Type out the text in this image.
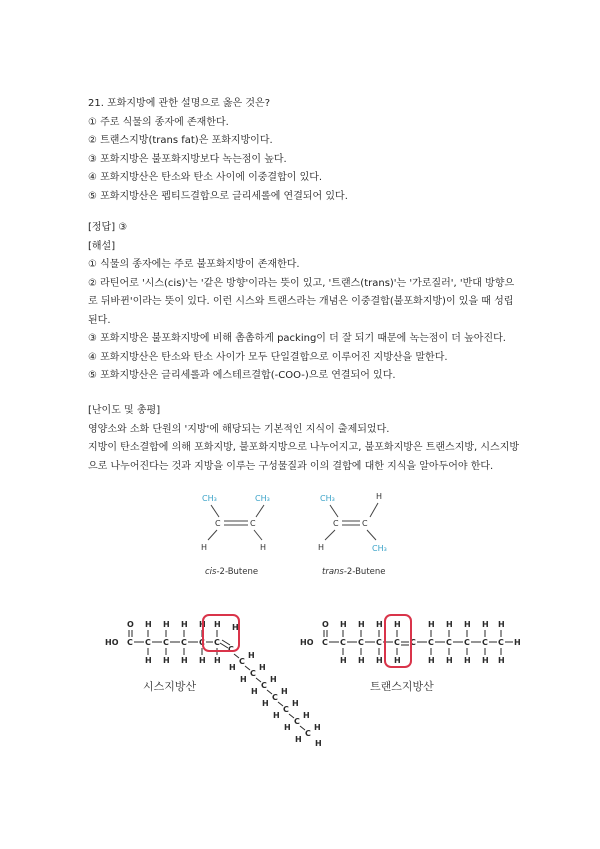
21. 포화지방에 관한 설명으로 옳은 것은?
① 주로 식물의 종자에 존재한다.
② 트랜스지방(trans fat)은 포화지방이다.
③ 포화지방은 불포화지방보다 녹는점이 높다.
④ 포화지방산은 탄소와 탄소 사이에 이중결합이 있다.
⑤ 포화지방산은 펩티드결합으로 글리세롤에 연결되어 있다.
[정답] ③
[해설]
① 식물의 종자에는 주로 불포화지방이 존재한다.
② 라틴어로 '시스(cis)'는 '같은 방향'이라는 뜻이 있고, '트랜스(trans)'는 '가로질러', '반대 방향으로 뒤바뀐'이라는 뜻이 있다. 이런 시스와 트랜스라는 개념은 이중결합(불포화지방)이 있을 때 성립된다.
③ 포화지방은 불포화지방에 비해 촘촘하게 packing이 더 잘 되기 때문에 녹는점이 더 높아진다.
④ 포화지방산은 탄소와 탄소 사이가 모두 단일결합으로 이루어진 지방산을 말한다.
⑤ 포화지방산은 글리세롤과 에스테르결합(-COO-)으로 연결되어 있다.
[난이도 및 총평]
영양소와 소화 단원의 '지방'에 해당되는 기본적인 지식이 출제되었다.
지방이 탄소결합에 의해 포화지방, 불포화지방으로 나누어지고, 불포화지방은 트랜스지방, 시스지방으로 나누어진다는 것과 지방을 이루는 구성물질과 이의 결합에 대한 지식을 알아두어야 한다.
CH₃	CH₃
C	C
H	H
cis-2-Butene
CH₃	H
C	C
H	CH₃
trans-2-Butene
HO
O
C C
H
H
C
H
H
C
H
H
C
H
H
C
H
H
C
H
C
H
H
C
H
H
C
H
H
C
H
H
C
H
H
C
H
H
C
H
H H
시스지방산
HO
O
C C
H
H
C
H
H
C
H
H
C
H
H
C C
H
H
C
H
H
C
H
H
C
H
H
C
H
H
H
트랜스지방산
